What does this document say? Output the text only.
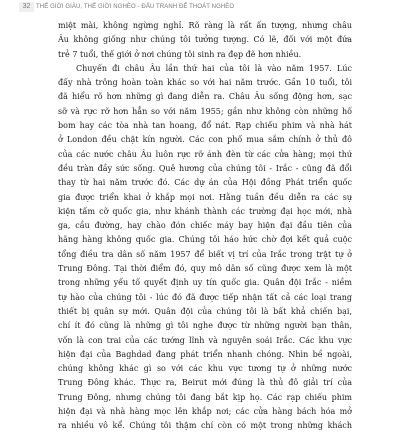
32 THẾ GIỚI GIÀU, THẾ GIỚI NGHÈO - ĐẤU TRANH ĐỂ THOÁT NGHÈO
miệt mài, không ngừng nghỉ. Rõ ràng là rất ấn tượng, nhưng châu
Âu không giống như chúng tôi tưởng tượng. Có lẽ, đối với một đứa
trẻ 7 tuổi, thế giới ở nơi chúng tôi sinh ra đẹp đẽ hơn nhiều.
Chuyến đi châu Âu lần thứ hai của tôi là vào năm 1957. Lúc
đấy nhà trông hoàn toàn khác so với hai năm trước. Gần 10 tuổi, tôi
đã hiểu rõ hơn những gì đang diễn ra. Châu Âu sống động hơn, sạc
sỡ và rực rỡ hơn hẳn so với năm 1955; gần như không còn những hố
bom hay các tòa nhà tan hoang, đổ nát. Rạp chiếu phim và nhà hát
ở London đều chật kín người. Các con phố mua sắm chính ở thủ đô
của các nước châu Âu luôn rực rỡ ánh đèn từ các cửa hàng; mọi thứ
đều tràn đầy sức sống. Quê hương của chúng tôi - Irắc - cũng đã đổi
thay từ hai năm trước đó. Các dự án của Hội đồng Phát triển quốc
gia được triển khai ở khắp mọi nơi. Hằng tuần đều diễn ra các sự
kiện tấm cỡ quốc gia, như khánh thành các trường đại học mới, nhà
ga, cầu đường, hay chào đón chiếc máy bay hiện đại đầu tiên của
hãng hàng không quốc gia. Chúng tôi háo hức chờ đợi kết quả cuộc
tổng điều tra dân số năm 1957 để biết vị trí của Irắc trong trật tự ở
Trung Đông. Tại thời điểm đó, quy mô dân số cũng được xem là một
trong những yếu tố quyết định uy tín quốc gia. Quân đội Irắc - niềm
tự hào của chúng tôi - lúc đó đã được tiếp nhận tất cả các loại trang
thiết bị quân sự mới. Quân đội của chúng tôi là bất khả chiến bại,
chí ít đó cũng là những gì tôi nghe được từ những người bạn thân,
vốn là con trai của các tướng lĩnh và nguyên soái Irắc. Các khu vực
hiện đại của Baghdad đang phát triển nhanh chóng. Nhìn bề ngoài,
chúng không khác gì so với các khu vực tương tự ở những nước
Trung Đông khác. Thực ra, Beirut mới đúng là thủ đô giải trí của
Trung Đông, nhưng chúng tôi đang bắt kịp họ. Các rạp chiếu phim
hiện đại và nhà hàng mọc lên khắp nơi; các cửa hàng bách hóa mở
ra nhiều vô kể. Chúng tôi thậm chí còn có một trong những khách
